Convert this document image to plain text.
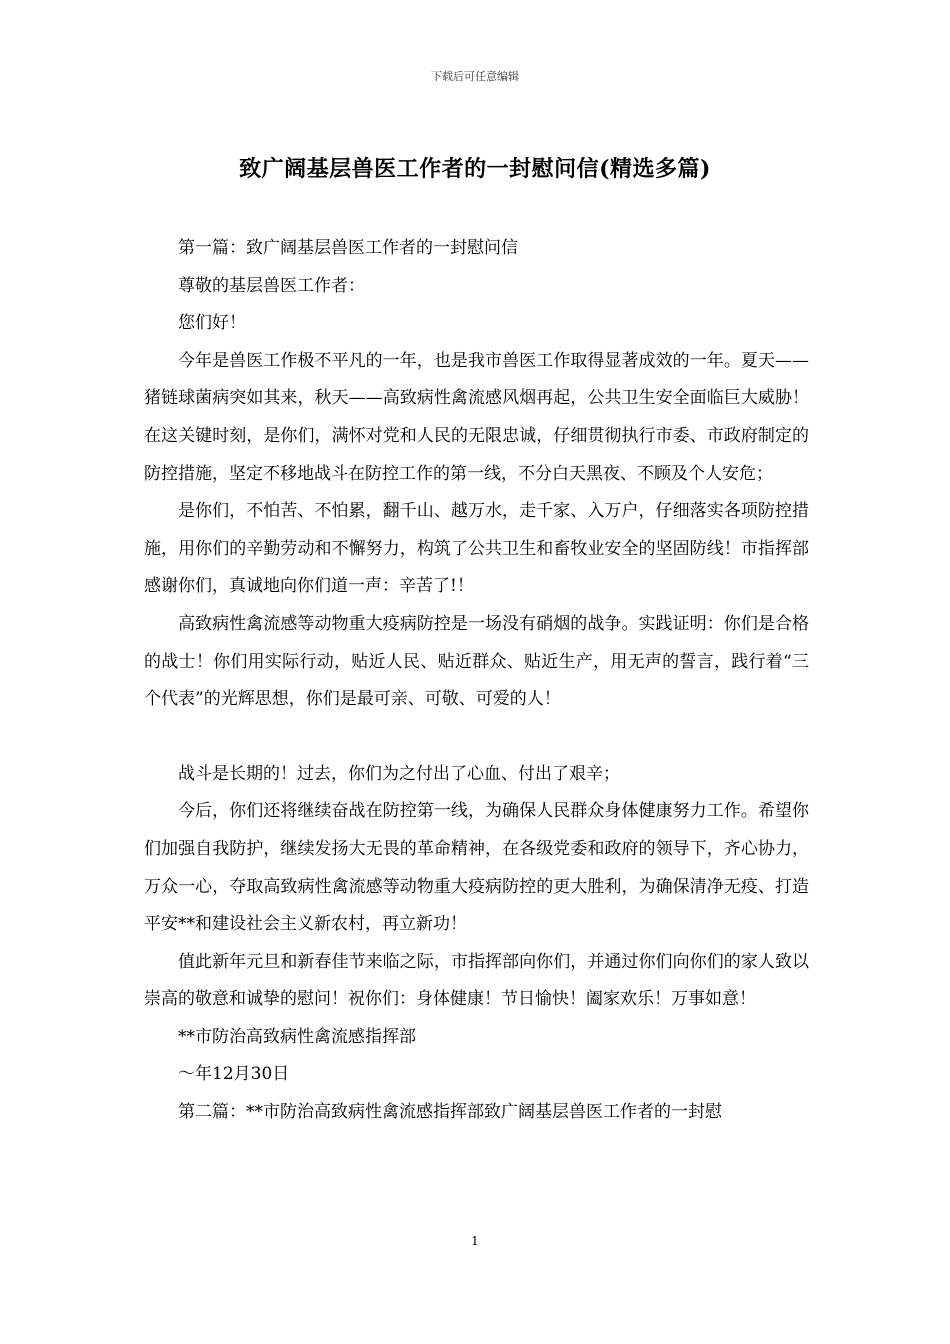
下载后可任意编辑
致广阔基层兽医工作者的一封慰问信(精选多篇)

第一篇：致广阔基层兽医工作者的一封慰问信

尊敬的基层兽医工作者：

您们好！

今年是兽医工作极不平凡的一年，也是我市兽医工作取得显著成效的一年。夏天——猪链球菌病突如其来，秋天——高致病性禽流感风烟再起，公共卫生安全面临巨大威胁！在这关键时刻，是你们，满怀对党和人民的无限忠诚，仔细贯彻执行市委、市政府制定的防控措施，坚定不移地战斗在防控工作的第一线，不分白天黑夜、不顾及个人安危；

是你们，不怕苦、不怕累，翻千山、越万水，走千家、入万户，仔细落实各项防控措施，用你们的辛勤劳动和不懈努力，构筑了公共卫生和畜牧业安全的坚固防线！市指挥部感谢你们，真诚地向你们道一声：辛苦了!！

高致病性禽流感等动物重大疫病防控是一场没有硝烟的战争。实践证明：你们是合格的战士！你们用实际行动，贴近人民、贴近群众、贴近生产，用无声的誓言，践行着“三个代表”的光辉思想，你们是最可亲、可敬、可爱的人！

战斗是长期的！过去，你们为之付出了心血、付出了艰辛；

今后，你们还将继续奋战在防控第一线，为确保人民群众身体健康努力工作。希望你们加强自我防护，继续发扬大无畏的革命精神，在各级党委和政府的领导下，齐心协力，万众一心，夺取高致病性禽流感等动物重大疫病防控的更大胜利，为确保清净无疫、打造平安**和建设社会主义新农村，再立新功！

值此新年元旦和新春佳节来临之际，市指挥部向你们，并通过你们向你们的家人致以崇高的敬意和诚挚的慰问！祝你们：身体健康！节日愉快！阖家欢乐！万事如意！

**市防治高致病性禽流感指挥部

～年12月30日

第二篇：**市防治高致病性禽流感指挥部致广阔基层兽医工作者的一封慰

1
